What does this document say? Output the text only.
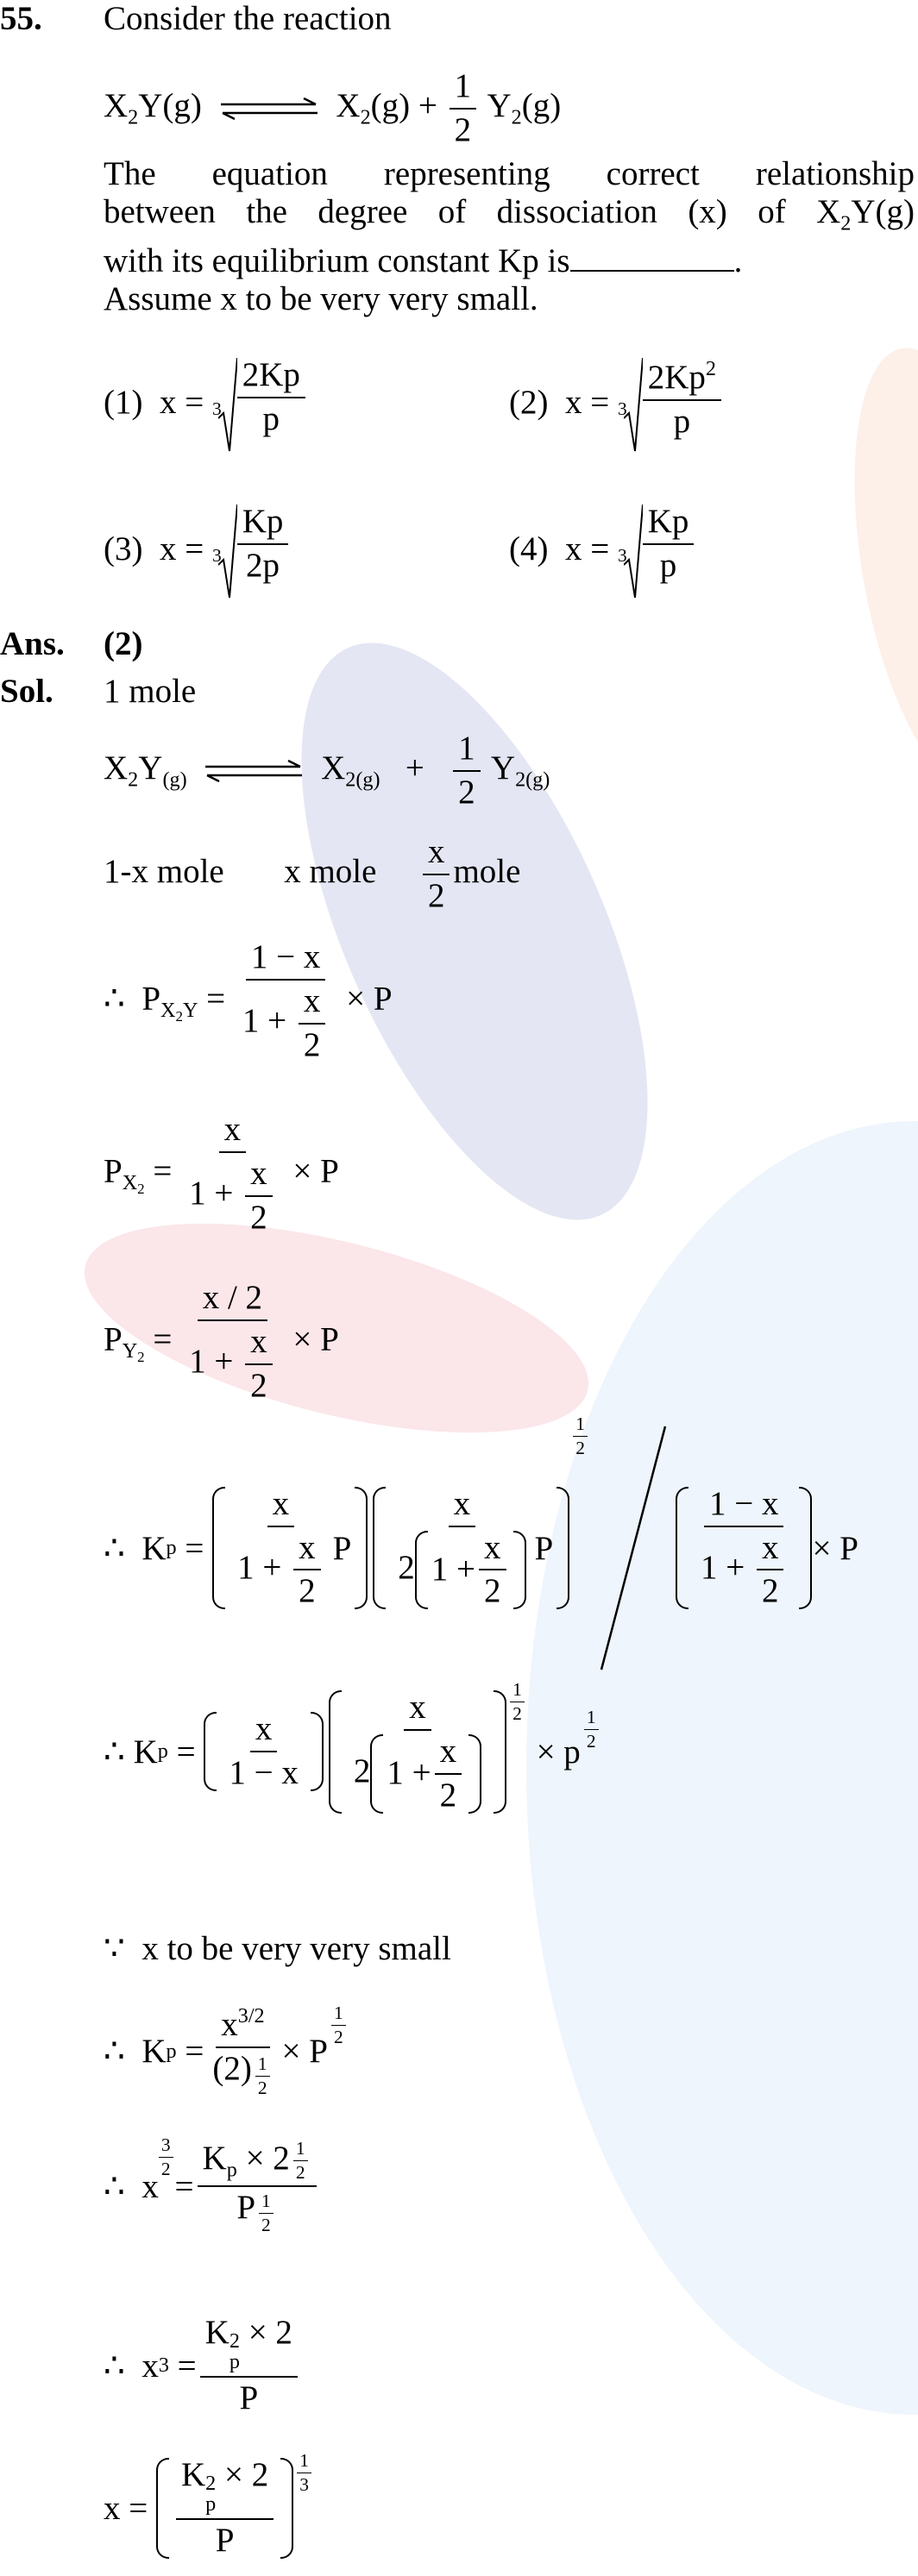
55. Consider the reaction
$X_2Y(g)$ ⇌ $X_2(g) + \frac{1}{2} Y_2(g)$
The equation representing correct relationship
between the degree of dissociation (x) of $X_2Y(g)$
with its equilibrium constant Kp is	.
Assume x to be very very small.
(1) x = 3
2Kp
p	(2) x = 3
2Kp$^2$
p
(3) x = 3
Kp
2p	(4) x = 3
Kp
p
Ans. (2)
Sol. 1 mole
$X_2Y_{(g)}$ ⇌ $X_{2(g)} + \frac{1}{2} Y_{2(g)}$
1-x mole x mole $\frac{x}{2}$ mole
∴ $P_{X_2Y} = \frac{1 - x}{1 + \frac{x}{2}} \times P$
$P_{X_2} = \frac{x}{1 + \frac{x}{2}} \times P$
$P_{Y_2} = \frac{x / 2}{1 + \frac{x}{2}} \times P$
∴
K p
=

x
$1 + \frac{x}{2}$ P
x
2 $1 + \frac{x}{2}$ P
1
2
1 − x
$1 + \frac{x}{2} \times P$
∴
K p
=

x
1 − x
x
2 $1 + \frac{x}{2}$
$\frac{1}{2}$

× p
1
2
∵ x to be very very small
∴
K p
= $\frac{x^{3/2}}{(2) \frac{1}{2}} \times P$
1
2
∴
x
$\frac{3}{2}$
= $\frac{K_p \times 2 \frac{1}{2}}{P \frac{1}{2}}$
∴
x 3
= K 2
p
× 2
P
x =

K 2
p
× 2
P
1
3
